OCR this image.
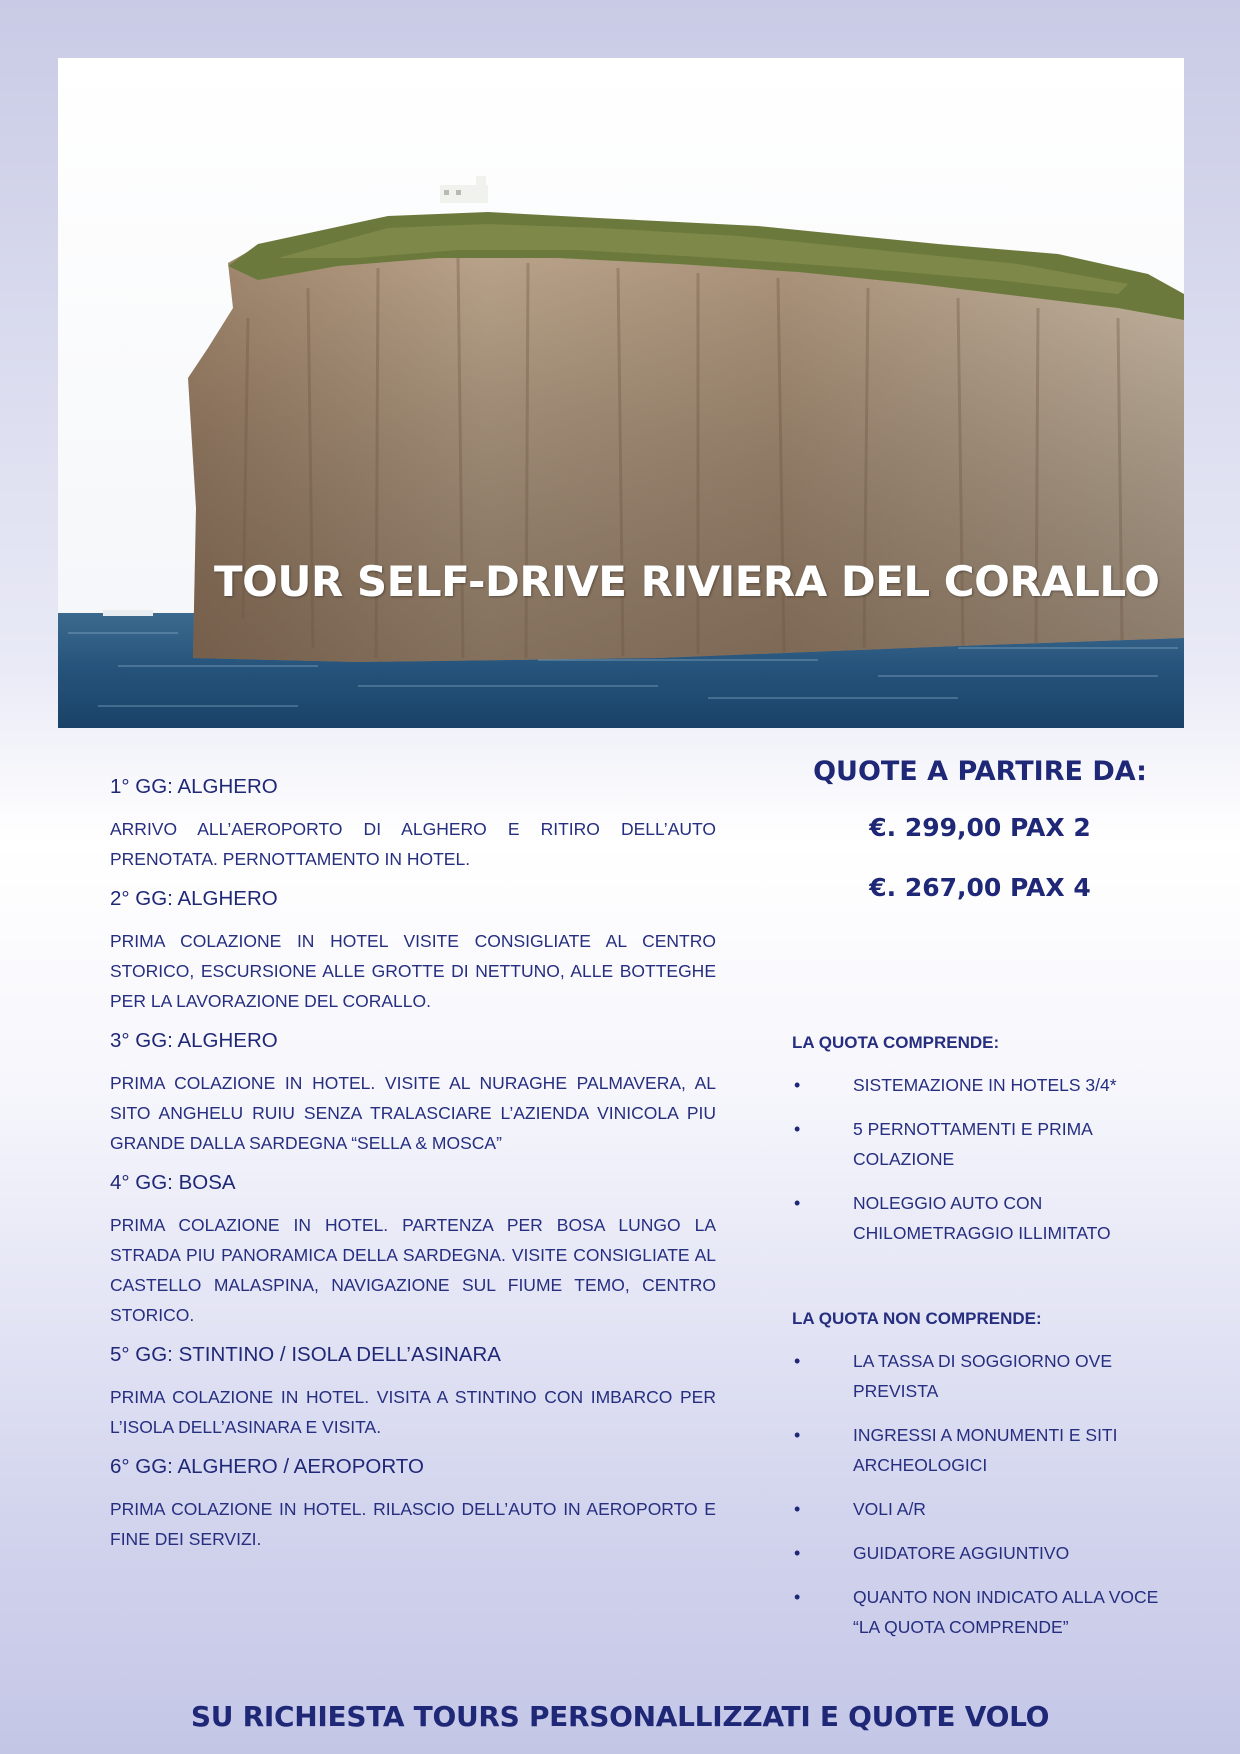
TOUR SELF-DRIVE RIVIERA DEL CORALLO
1° GG: ALGHERO
ARRIVO ALL’AEROPORTO DI ALGHERO E RITIRO DELL’AUTO PRENOTATA. PERNOTTAMENTO IN HOTEL.
2° GG: ALGHERO
PRIMA COLAZIONE IN HOTEL VISITE CONSIGLIATE AL CENTRO STORICO, ESCURSIONE ALLE GROTTE DI NETTUNO, ALLE BOTTEGHE PER LA LAVORAZIONE DEL CORALLO.
3° GG: ALGHERO
PRIMA COLAZIONE IN HOTEL. VISITE AL NURAGHE PALMAVERA, AL SITO ANGHELU RUIU SENZA TRALASCIARE L’AZIENDA VINICOLA PIU GRANDE DALLA SARDEGNA “SELLA & MOSCA”
4° GG: BOSA
PRIMA COLAZIONE IN HOTEL. PARTENZA PER BOSA LUNGO LA STRADA PIU PANORAMICA DELLA SARDEGNA. VISITE CONSIGLIATE AL CASTELLO MALASPINA, NAVIGAZIONE SUL FIUME TEMO, CENTRO STORICO.
5° GG: STINTINO / ISOLA DELL’ASINARA
PRIMA COLAZIONE IN HOTEL. VISITA A STINTINO CON IMBARCO PER L’ISOLA DELL’ASINARA E VISITA.
6° GG: ALGHERO / AEROPORTO
PRIMA COLAZIONE IN HOTEL. RILASCIO DELL’AUTO IN AEROPORTO E FINE DEI SERVIZI.
QUOTE A PARTIRE DA:
€. 299,00 PAX 2
€. 267,00 PAX 4
LA QUOTA COMPRENDE:
•	SISTEMAZIONE IN HOTELS 3/4*
•	5 PERNOTTAMENTI E PRIMA COLAZIONE
•	NOLEGGIO AUTO CON CHILOMETRAGGIO ILLIMITATO
LA QUOTA NON COMPRENDE:
•	LA TASSA DI SOGGIORNO OVE PREVISTA
•	INGRESSI A MONUMENTI E SITI ARCHEOLOGICI
•	VOLI A/R
•	GUIDATORE AGGIUNTIVO
•	QUANTO NON INDICATO ALLA VOCE “LA QUOTA COMPRENDE”
SU RICHIESTA TOURS PERSONALLIZZATI E QUOTE VOLO
